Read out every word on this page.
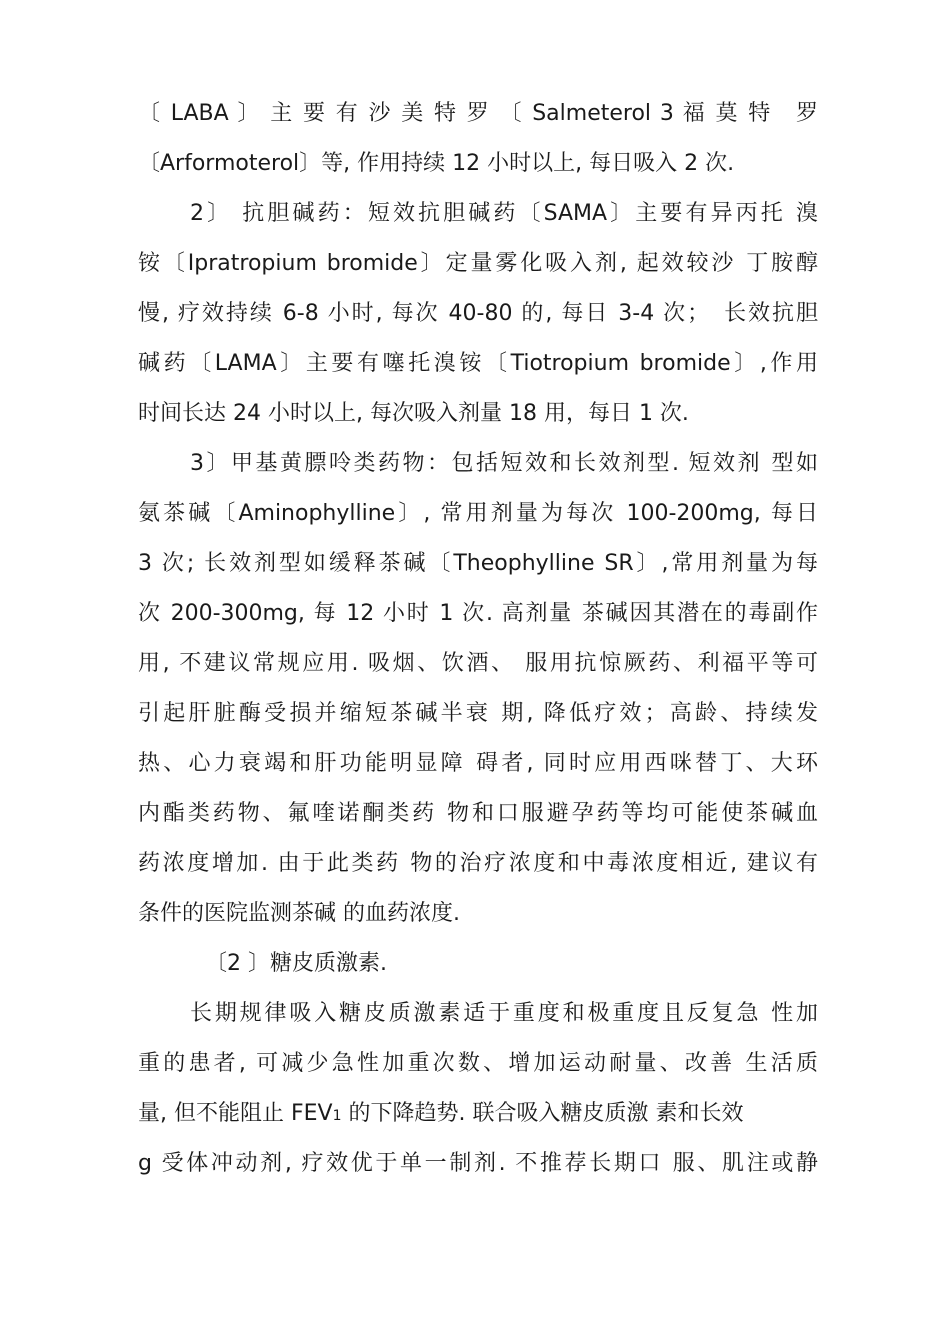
〔 LABA 〕 主 要 有 沙 美 特 罗 〔 Salmeterol 3 福 莫 特　罗
〔Arformoterol〕等, 作用持续 12 小时以上, 每日吸入 2 次.
2〕 抗胆碱药：短效抗胆碱药〔SAMA〕主要有异丙托 溴
铵〔Ipratropium bromide〕定量雾化吸入剂, 起效较沙 丁胺醇
慢, 疗效持续 6-8 小时, 每次 40-80 的, 每日 3-4 次；　长效抗胆
碱药〔LAMA〕主要有噻托溴铵〔Tiotropium bromide〕,作用
时间长达 24 小时以上, 每次吸入剂量 18 用，每日 1 次.
3〕甲基黄膘呤类药物：包括短效和长效剂型. 短效剂 型如
氨茶碱〔Aminophylline〕, 常用剂量为每次 100-200mg, 每日
3 次; 长效剂型如缓释茶碱〔Theophylline SR〕,常用剂量为每
次 200-300mg, 每 12 小时 1 次. 高剂量 茶碱因其潜在的毒副作
用, 不建议常规应用. 吸烟、饮酒、 服用抗惊厥药、利福平等可
引起肝脏酶受损并缩短茶碱半衰 期, 降低疗效；高龄、持续发
热、心力衰竭和肝功能明显障 碍者, 同时应用西咪替丁、大环
内酯类药物、氟喹诺酮类药 物和口服避孕药等均可能使茶碱血
药浓度增加. 由于此类药 物的治疗浓度和中毒浓度相近, 建议有
条件的医院监测茶碱 的血药浓度.
〔2 〕糖皮质激素.
长期规律吸入糖皮质激素适于重度和极重度且反复急 性加
重的患者, 可减少急性加重次数、增加运动耐量、改善 生活质
量, 但不能阻止 FEV1 的下降趋势. 联合吸入糖皮质激 素和长效
g 受体冲动剂, 疗效优于单一制剂. 不推荐长期口 服、肌注或静
